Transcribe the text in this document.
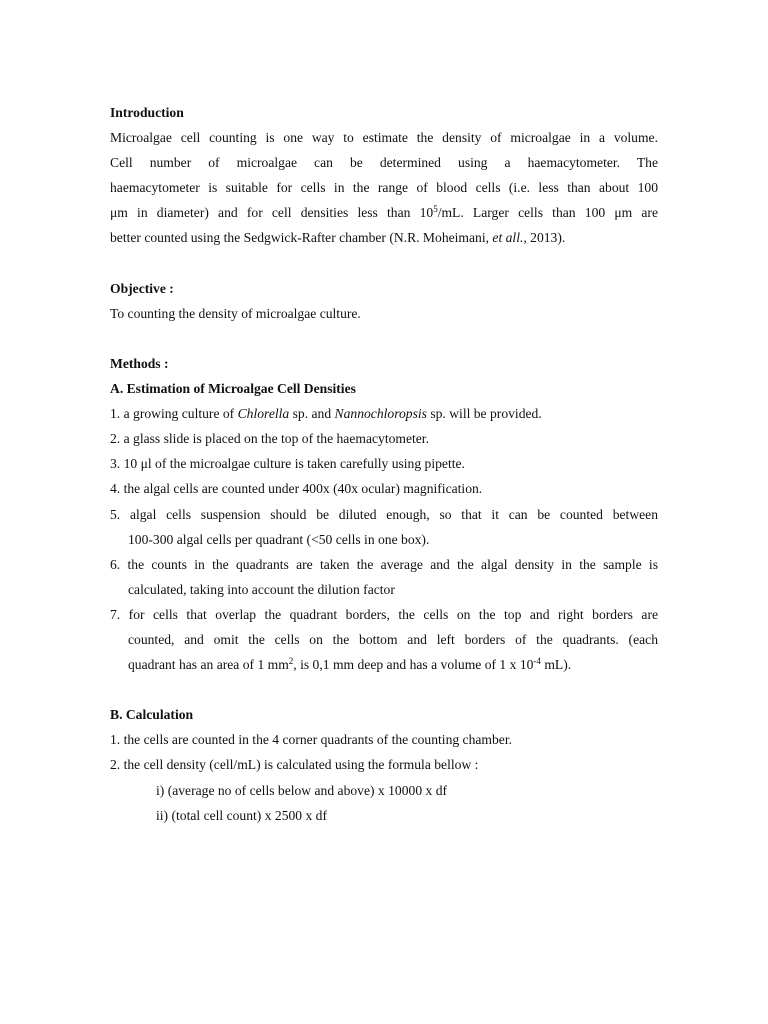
Introduction
Microalgae cell counting is one way to estimate the density of microalgae in a volume.
Cell number of microalgae can be determined using a haemacytometer. The
haemacytometer is suitable for cells in the range of blood cells (i.e. less than about 100
μm in diameter) and for cell densities less than $10^5/mL$. Larger cells than 100 μm are
better counted using the Sedgwick-Rafter chamber (N.R. Moheimani, et all., 2013).
Objective :
To counting the density of microalgae culture.
Methods :
A. Estimation of Microalgae Cell Densities
1. a growing culture of Chlorella sp. and Nannochloropsis sp. will be provided.
2. a glass slide is placed on the top of the haemacytometer.
3. 10 μl of the microalgae culture is taken carefully using pipette.
4. the algal cells are counted under 400x (40x ocular) magnification.
5. algal cells suspension should be diluted enough, so that it can be counted between
100-300 algal cells per quadrant (<50 cells in one box).
6. the counts in the quadrants are taken the average and the algal density in the sample is
calculated, taking into account the dilution factor
7. for cells that overlap the quadrant borders, the cells on the top and right borders are
counted, and omit the cells on the bottom and left borders of the quadrants. (each
quadrant has an area of 1 $mm^2$, is 0,1 mm deep and has a volume of 1 x $10^{-4}$ mL).
B. Calculation
1. the cells are counted in the 4 corner quadrants of the counting chamber.
2. the cell density (cell/mL) is calculated using the formula bellow :
i) (average no of cells below and above) x 10000 x df
ii) (total cell count) x 2500 x df
